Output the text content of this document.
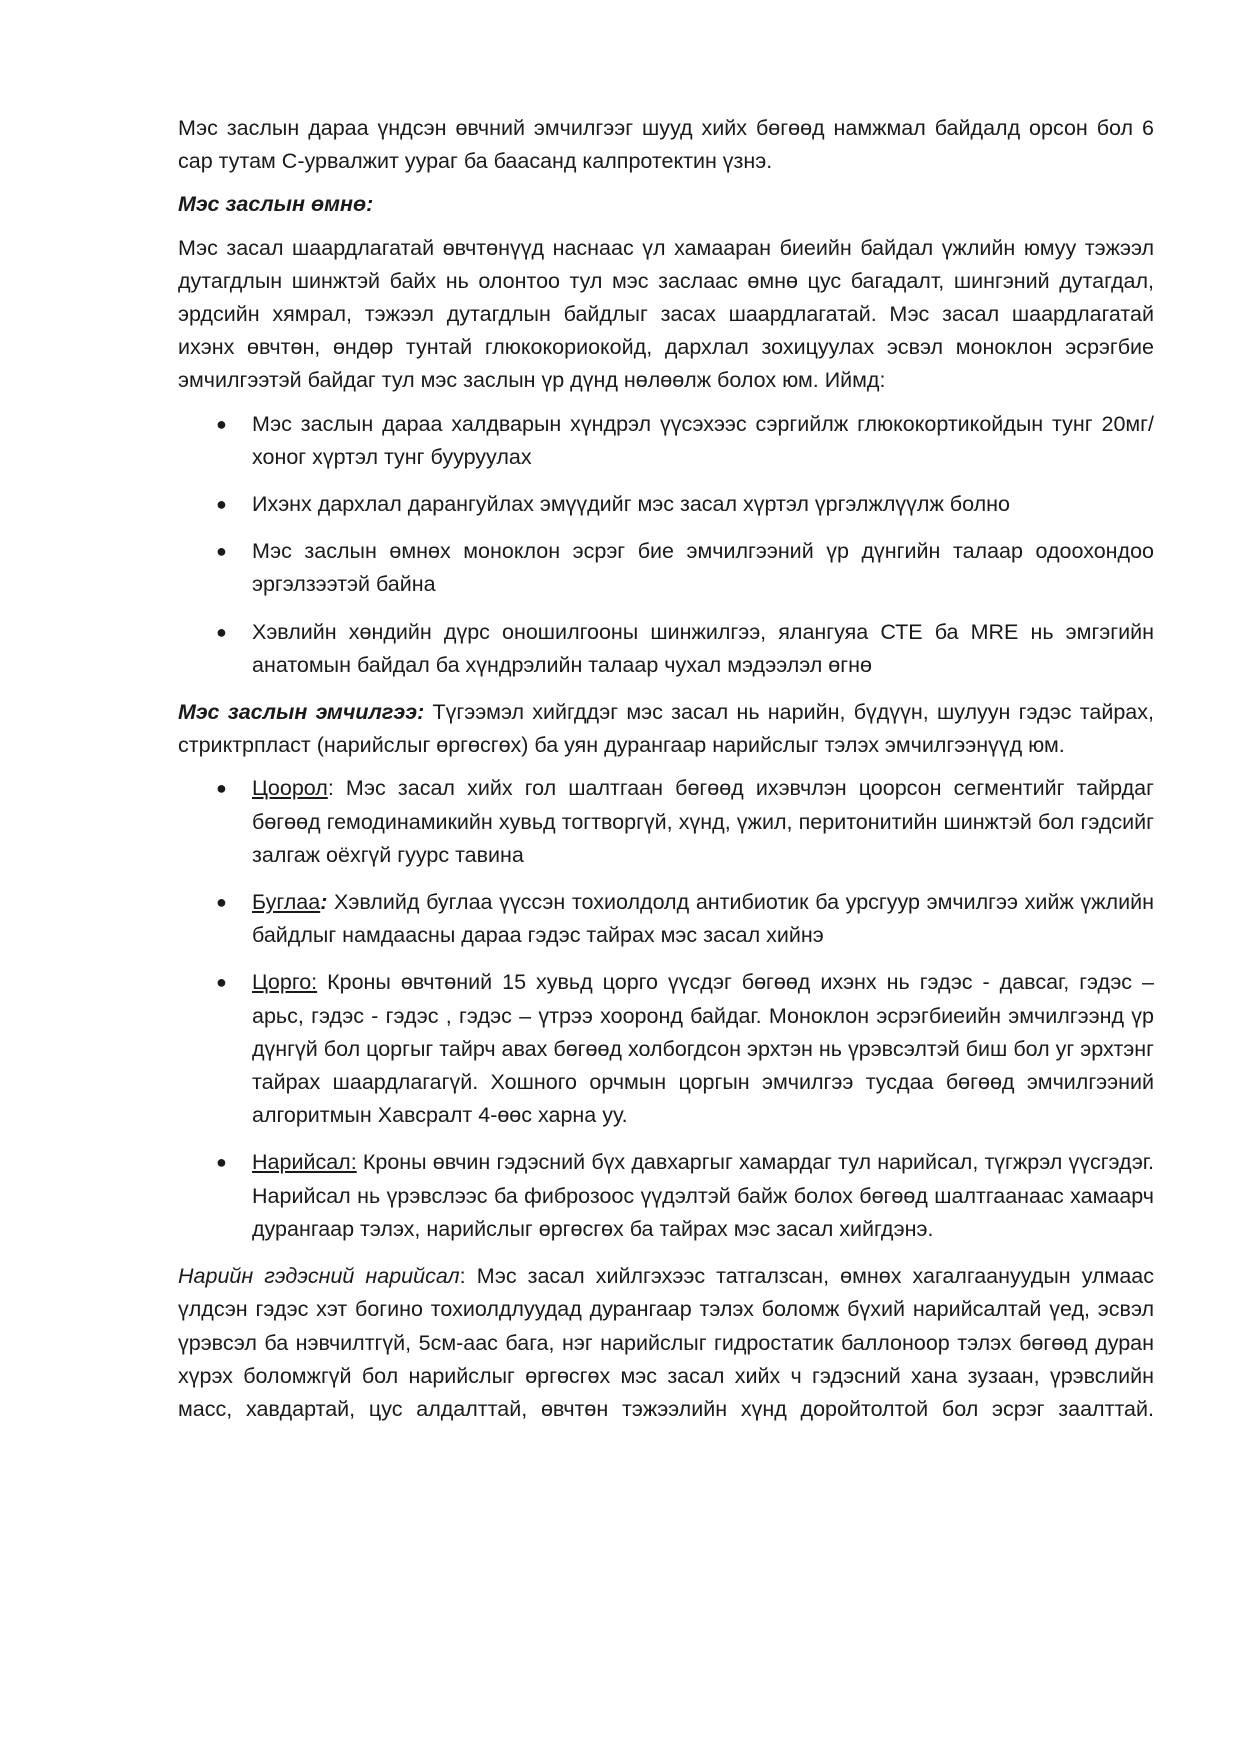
Мэс заслын дараа үндсэн өвчний эмчилгээг шууд хийх бөгөөд намжмал байдалд орсон бол 6 сар тутам С-урвалжит уураг ба баасанд калпротектин үзнэ.

Мэс заслын өмнө:

Мэс засал шаардлагатай өвчтөнүүд наснаас үл хамааран биеийн байдал үжлийн юмуу тэжээл дутагдлын шинжтэй байх нь олонтоо тул мэс заслаас өмнө цус багадалт, шингэний дутагдал, эрдсийн хямрал, тэжээл дутагдлын байдлыг засах шаардлагатай. Мэс засал шаардлагатай ихэнх өвчтөн, өндөр тунтай глюкокориокойд, дархлал зохицуулах эсвэл моноклон эсрэгбие эмчилгээтэй байдаг тул мэс заслын үр дүнд нөлөөлж болох юм. Иймд:

● Мэс заслын дараа халдварын хүндрэл үүсэхээс сэргийлж глюкокортикойдын тунг 20мг/хоног хүртэл тунг бууруулах
● Ихэнх дархлал дарангуйлах эмүүдийг мэс засал хүртэл үргэлжлүүлж болно
● Мэс заслын өмнөх моноклон эсрэг бие эмчилгээний үр дүнгийн талаар одоохондоо эргэлзээтэй байна
● Хэвлийн хөндийн дүрс оношилгооны шинжилгээ, ялангуяа СТЕ ба MRE нь эмгэгийн анатомын байдал ба хүндрэлийн талаар чухал мэдээлэл өгнө

Мэс заслын эмчилгээ: Түгээмэл хийгддэг мэс засал нь нарийн, бүдүүн, шулуун гэдэс тайрах, стриктрпласт (нарийслыг өргөсгөх) ба уян дурангаар нарийслыг тэлэх эмчилгээнүүд юм.

● Цоорол: Мэс засал хийх гол шалтгаан бөгөөд ихэвчлэн цоорсон сегментийг тайрдаг бөгөөд гемодинамикийн хувьд тогтворгүй, хүнд, үжил, перитонитийн шинжтэй бол гэдсийг залгаж оёхгүй гуурс тавина
● Буглаа: Хэвлийд буглаа үүссэн тохиолдолд антибиотик ба урсгуур эмчилгээ хийж үжлийн байдлыг намдаасны дараа гэдэс тайрах мэс засал хийнэ
● Цорго: Кроны өвчтөний 15 хувьд цорго үүсдэг бөгөөд ихэнх нь гэдэс - давсаг, гэдэс – арьс, гэдэс - гэдэс , гэдэс – үтрээ хооронд байдаг. Моноклон эсрэгбиеийн эмчилгээнд үр дүнгүй бол цоргыг тайрч авах бөгөөд холбогдсон эрхтэн нь үрэвсэлтэй биш бол уг эрхтэнг тайрах шаардлагагүй. Хошного орчмын цоргын эмчилгээ тусдаа бөгөөд эмчилгээний алгоритмын Хавсралт 4-өөс харна уу.
● Нарийсал: Кроны өвчин гэдэсний бүх давхаргыг хамардаг тул нарийсал, түгжрэл үүсгэдэг. Нарийсал нь үрэвслээс ба фиброзоос үүдэлтэй байж болох бөгөөд шалтгаанаас хамаарч дурангаар тэлэх, нарийслыг өргөсгөх ба тайрах мэс засал хийгдэнэ.

Нарийн гэдэсний нарийсал: Мэс засал хийлгэхээс татгалзсан, өмнөх хагалгаануудын улмаас үлдсэн гэдэс хэт богино тохиолдлуудад дурангаар тэлэх боломж бүхий нарийсалтай үед, эсвэл үрэвсэл ба нэвчилтгүй, 5см-аас бага, нэг нарийслыг гидростатик баллоноор тэлэх бөгөөд дуран хүрэх боломжгүй бол нарийслыг өргөсгөх мэс засал хийх ч гэдэсний хана зузаан, үрэвслийн масс, хавдартай, цус алдалттай, өвчтөн тэжээлийн хүнд доройтолтой бол эсрэг заалттай.
